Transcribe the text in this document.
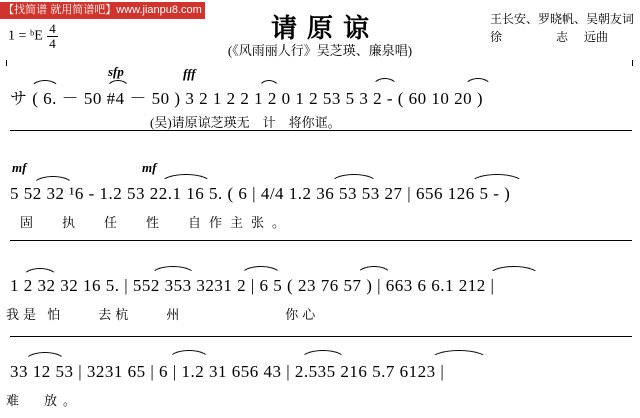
【找简谱 就用简谱吧】www.jianpu8.com
1 = ᵇE $\frac{4}{4}$	请原谅
(《风雨丽人行》吴芝瑛、廉泉唱)
王长安、罗晓帆、吴朝友词
徐	志 远曲
sfp	fff
サ ( 6. － 50 #4 － 50 ) 3 2 1 2 2 1 2 0 1 2 53 5 3 2 - ( 60 10 20 )
(吴)请原谅芝瑛无　计　将你诓。
mf	mf
5 52 32 ¹6 - 1.2 53 22.1 16 5. ( 6 | 4/4 1.2 36 53 53 27 | 656 126 5 - )
固　执　任　性　自作主张。
1 2 32 32 16 5. | 552 353 3231 2 | 6 5 ( 23 76 57 ) | 663 6 6.1 212 |
我是 怕　　去杭　　州　　　　　　你心
33 12 53 | 3231 65 | 6 | 1.2 31 656 43 | 2.535 216 5.7 6123 |
难　放。
